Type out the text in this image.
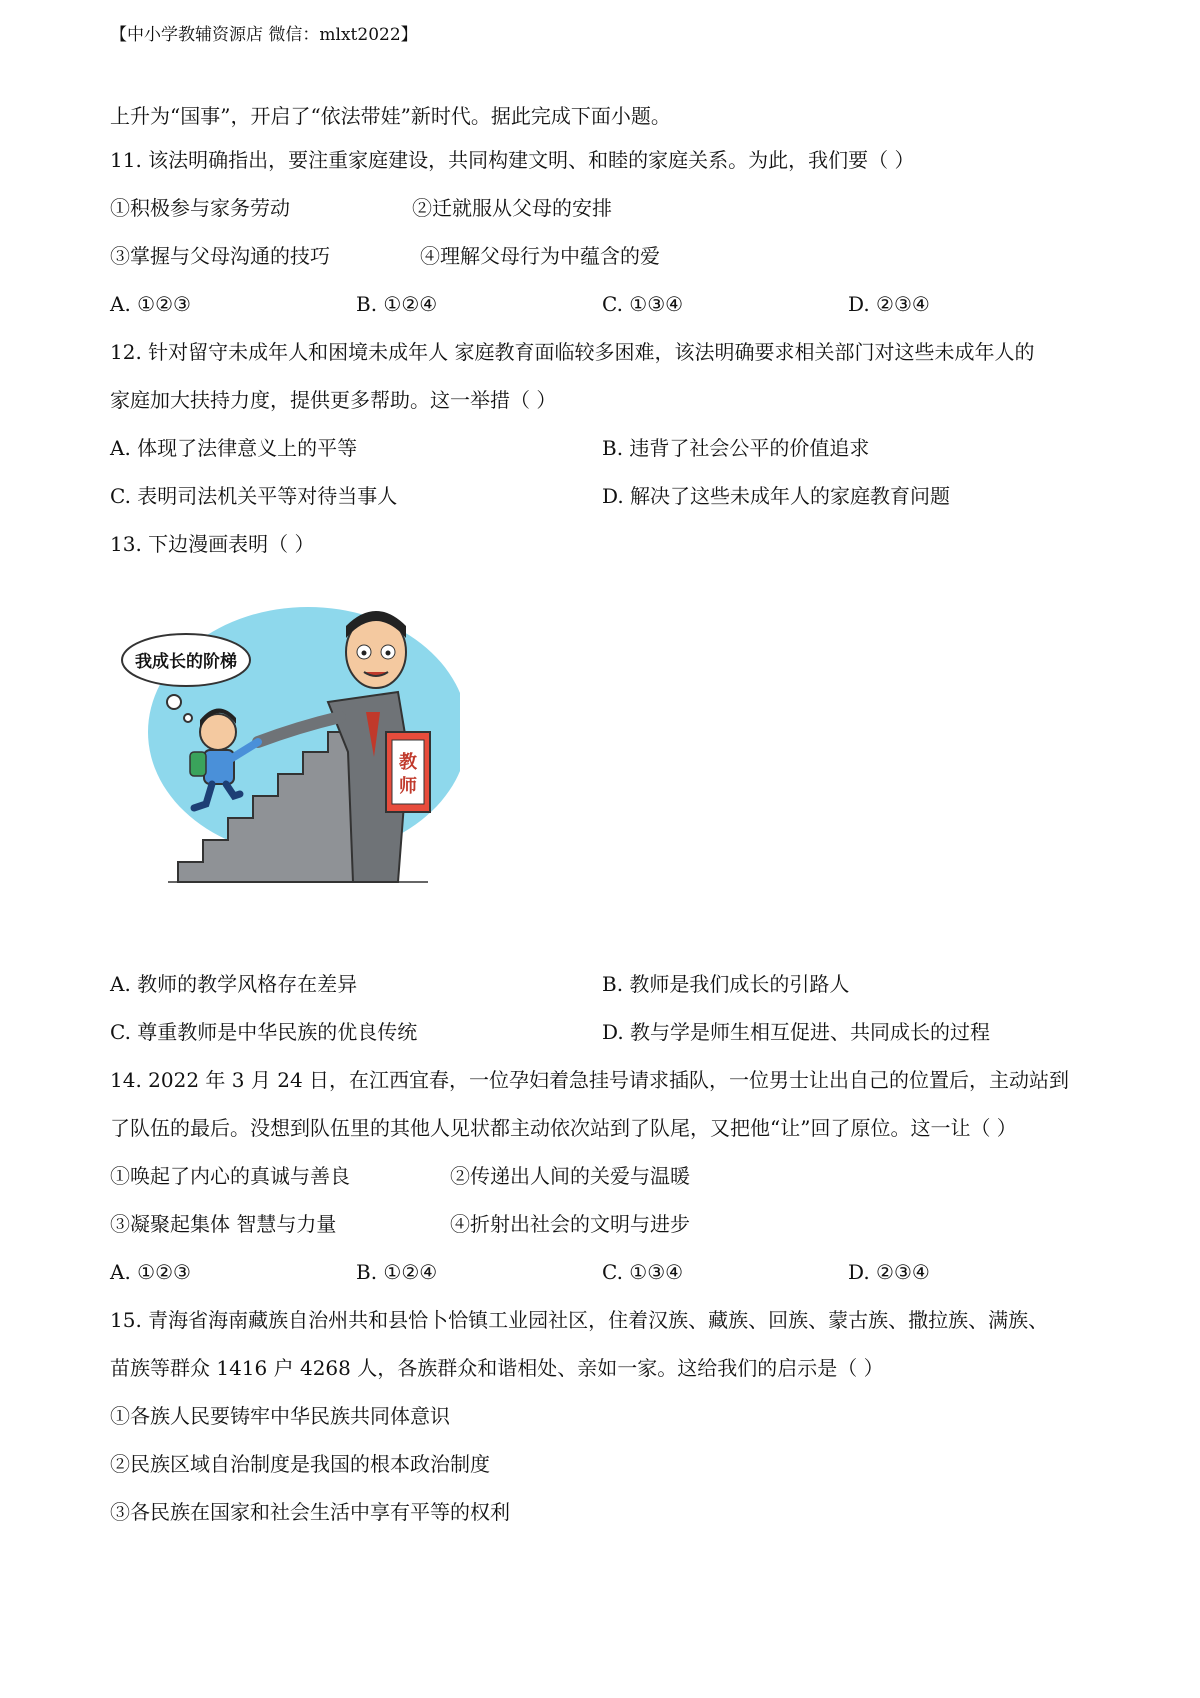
【中小学教辅资源店 微信：mlxt2022】
上升为“国事”，开启了“依法带娃”新时代。据此完成下面小题。
11. 该法明确指出，要注重家庭建设，共同构建文明、和睦的家庭关系。为此，我们要（ ）
①积极参与家务劳动	②迁就服从父母的安排
③掌握与父母沟通的技巧	④理解父母行为中蕴含的爱
A. ①②③	B. ①②④	C. ①③④	D. ②③④
12. 针对留守未成年人和困境未成年人 家庭教育面临较多困难，该法明确要求相关部门对这些未成年人的
家庭加大扶持力度，提供更多帮助。这一举措（ ）
A. 体现了法律意义上的平等	B. 违背了社会公平的价值追求
C. 表明司法机关平等对待当事人	D. 解决了这些未成年人的家庭教育问题
13. 下边漫画表明（ ）
教
师
我成长的阶梯
A. 教师的教学风格存在差异	B. 教师是我们成长的引路人
C. 尊重教师是中华民族的优良传统	D. 教与学是师生相互促进、共同成长的过程
14. 2022 年 3 月 24 日，在江西宜春，一位孕妇着急挂号请求插队，一位男士让出自己的位置后，主动站到
了队伍的最后。没想到队伍里的其他人见状都主动依次站到了队尾，又把他“让”回了原位。这一让（ ）
①唤起了内心的真诚与善良	②传递出人间的关爱与温暖
③凝聚起集体 智慧与力量	④折射出社会的文明与进步
A. ①②③	B. ①②④	C. ①③④	D. ②③④
15. 青海省海南藏族自治州共和县恰卜恰镇工业园社区，住着汉族、藏族、回族、蒙古族、撒拉族、满族、
苗族等群众 1416 户 4268 人，各族群众和谐相处、亲如一家。这给我们的启示是（ ）
①各族人民要铸牢中华民族共同体意识
②民族区域自治制度是我国的根本政治制度
③各民族在国家和社会生活中享有平等的权利
